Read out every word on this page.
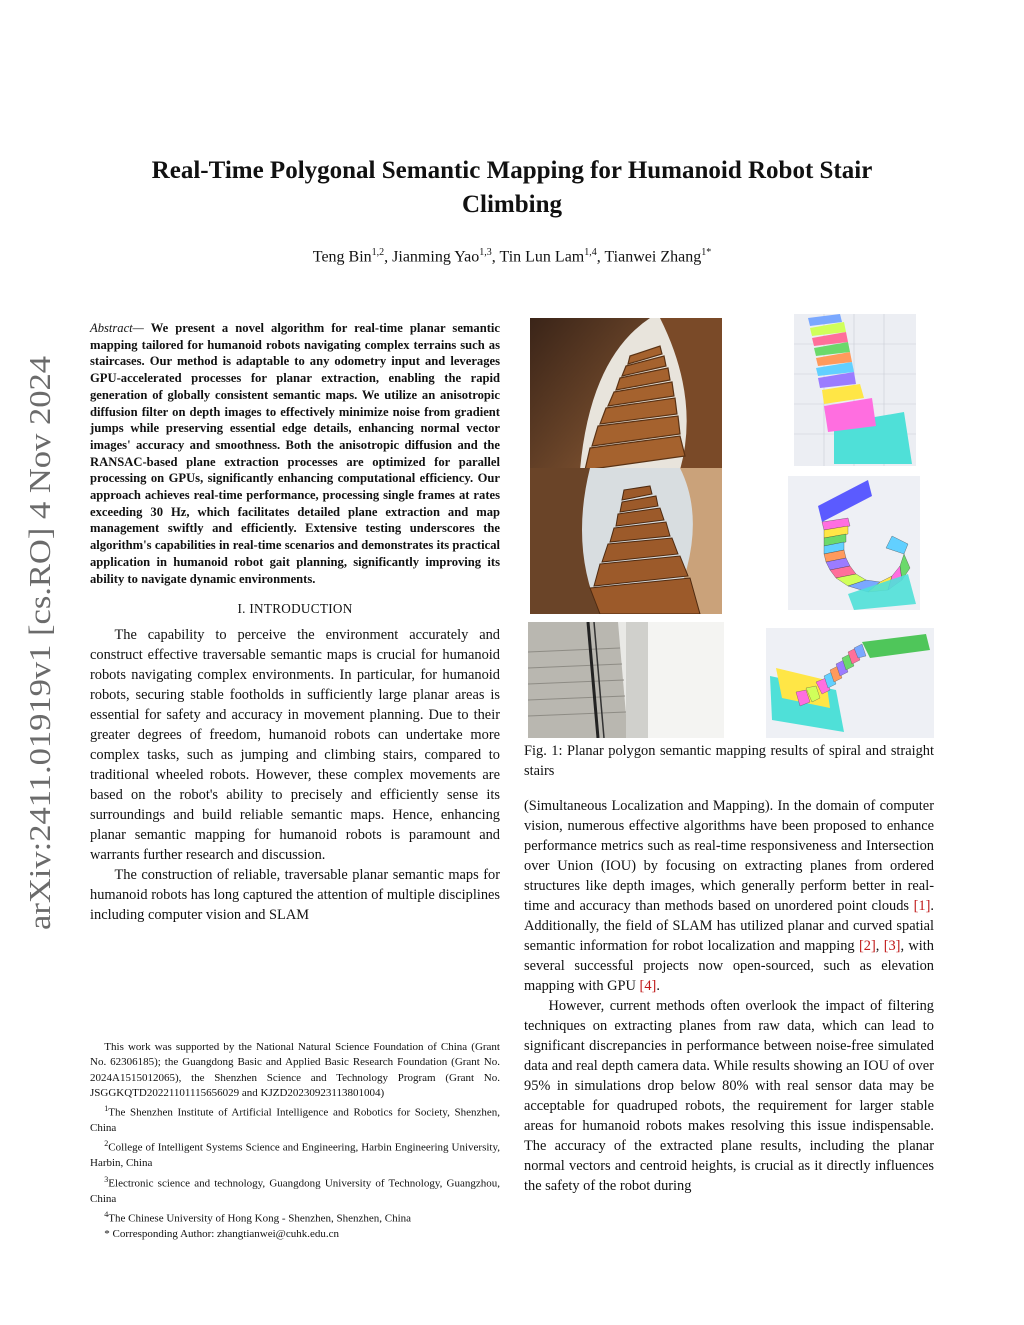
arXiv:2411.01919v1 [cs.RO] 4 Nov 2024
Real-Time Polygonal Semantic Mapping for Humanoid Robot Stair Climbing
Teng Bin$^{1,2}$, Jianming Yao$^{1,3}$, Tin Lun Lam$^{1,4}$, Tianwei Zhang$^{1*}$

Abstract— We present a novel algorithm for real-time planar semantic mapping tailored for humanoid robots navigating complex terrains such as staircases. Our method is adaptable to any odometry input and leverages GPU-accelerated processes for planar extraction, enabling the rapid generation of globally consistent semantic maps. We utilize an anisotropic diffusion filter on depth images to effectively minimize noise from gradient jumps while preserving essential edge details, enhancing normal vector images' accuracy and smoothness. Both the anisotropic diffusion and the RANSAC-based plane extraction processes are optimized for parallel processing on GPUs, significantly enhancing computational efficiency. Our approach achieves real-time performance, processing single frames at rates exceeding 30 Hz, which facilitates detailed plane extraction and map management swiftly and efficiently. Extensive testing underscores the algorithm's capabilities in real-time scenarios and demonstrates its practical application in humanoid robot gait planning, significantly improving its ability to navigate dynamic environments.

I. INTRODUCTION

The capability to perceive the environment accurately and construct effective traversable semantic maps is crucial for humanoid robots navigating complex environments. In particular, for humanoid robots, securing stable footholds in sufficiently large planar areas is essential for safety and accuracy in movement planning. Due to their greater degrees of freedom, humanoid robots can undertake more complex tasks, such as jumping and climbing stairs, compared to traditional wheeled robots. However, these complex movements are based on the robot's ability to precisely and efficiently sense its surroundings and build reliable semantic maps. Hence, enhancing planar semantic mapping for humanoid robots is paramount and warrants further research and discussion.

The construction of reliable, traversable planar semantic maps for humanoid robots has long captured the attention of multiple disciplines including computer vision and SLAM

This work was supported by the National Natural Science Foundation of China (Grant No. 62306185); the Guangdong Basic and Applied Basic Research Foundation (Grant No. 2024A1515012065), the Shenzhen Science and Technology Program (Grant No. JSGGKQTD20221101115656029 and KJZD20230923113801004)

$^1$The Shenzhen Institute of Artificial Intelligence and Robotics for Society, Shenzhen, China

$^2$College of Intelligent Systems Science and Engineering, Harbin Engineering University, Harbin, China

$^3$Electronic science and technology, Guangdong University of Technology, Guangzhou, China

$^4$The Chinese University of Hong Kong - Shenzhen, Shenzhen, China

* Corresponding Author: zhangtianwei@cuhk.edu.cn

Fig. 1: Planar polygon semantic mapping results of spiral and straight stairs

(Simultaneous Localization and Mapping). In the domain of computer vision, numerous effective algorithms have been proposed to enhance performance metrics such as real-time responsiveness and Intersection over Union (IOU) by focusing on extracting planes from ordered structures like depth images, which generally perform better in real-time and accuracy than methods based on unordered point clouds [1]. Additionally, the field of SLAM has utilized planar and curved spatial semantic information for robot localization and mapping [2], [3], with several successful projects now open-sourced, such as elevation mapping with GPU [4].

However, current methods often overlook the impact of filtering techniques on extracting planes from raw data, which can lead to significant discrepancies in performance between noise-free simulated data and real depth camera data. While results showing an IOU of over 95% in simulations drop below 80% with real sensor data may be acceptable for quadruped robots, the requirement for larger stable areas for humanoid robots makes resolving this issue indispensable. The accuracy of the extracted plane results, including the planar normal vectors and centroid heights, is crucial as it directly influences the safety of the robot during
